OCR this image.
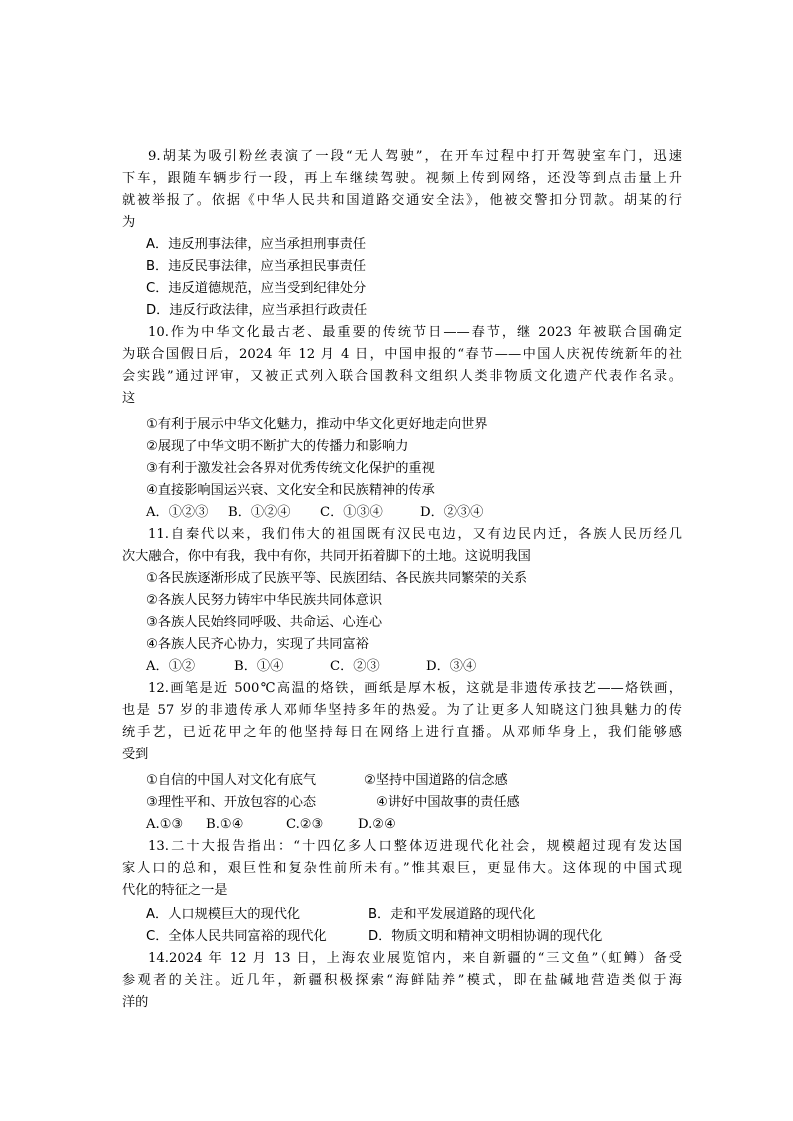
9.胡某为吸引粉丝表演了一段“无人驾驶”，在开车过程中打开驾驶室车门，迅速
下车，跟随车辆步行一段，再上车继续驾驶。视频上传到网络，还没等到点击量上升
就被举报了。依据《中华人民共和国道路交通安全法》，他被交警扣分罚款。胡某的行
为
A．违反刑事法律，应当承担刑事责任
B．违反民事法律，应当承担民事责任
C．违反道德规范，应当受到纪律处分
D．违反行政法律，应当承担行政责任
10.作为中华文化最古老、最重要的传统节日——春节，继 2023 年被联合国确定
为联合国假日后，2024 年 12 月 4 日，中国申报的“春节——中国人庆祝传统新年的社
会实践”通过评审，又被正式列入联合国教科文组织人类非物质文化遗产代表作名录。
这
①有利于展示中华文化魅力，推动中华文化更好地走向世界
②展现了中华文明不断扩大的传播力和影响力
③有利于激发社会各界对优秀传统文化保护的重视
④直接影响国运兴衰、文化安全和民族精神的传承
A．①②③	B．①②④	C．①③④	D．②③④
11.自秦代以来，我们伟大的祖国既有汉民屯边，又有边民内迁，各族人民历经几
次大融合，你中有我，我中有你，共同开拓着脚下的土地。这说明我国
①各民族逐渐形成了民族平等、民族团结、各民族共同繁荣的关系
②各族人民努力铸牢中华民族共同体意识
③各族人民始终同呼吸、共命运、心连心
④各族人民齐心协力，实现了共同富裕
A．①②	B．①④	C．②③	D．③④
12.画笔是近 500℃高温的烙铁，画纸是厚木板，这就是非遗传承技艺——烙铁画，
也是 57 岁的非遗传承人邓师华坚持多年的热爱。为了让更多人知晓这门独具魅力的传
统手艺，已近花甲之年的他坚持每日在网络上进行直播。从邓师华身上，我们能够感
受到
①自信的中国人对文化有底气	②坚持中国道路的信念感
③理性平和、开放包容的心态	④讲好中国故事的责任感
A.①③	B.①④	C.②③	D.②④
13.二十大报告指出：“十四亿多人口整体迈进现代化社会，规模超过现有发达国
家人口的总和，艰巨性和复杂性前所未有。”惟其艰巨，更显伟大。这体现的中国式现
代化的特征之一是
A．人口规模巨大的现代化	B．走和平发展道路的现代化
C．全体人民共同富裕的现代化	D．物质文明和精神文明相协调的现代化
14.2024 年 12 月 13 日，上海农业展览馆内，来自新疆的“三文鱼”（虹鳟）备受
参观者的关注。近几年，新疆积极探索“海鲜陆养”模式，即在盐碱地营造类似于海
洋的
